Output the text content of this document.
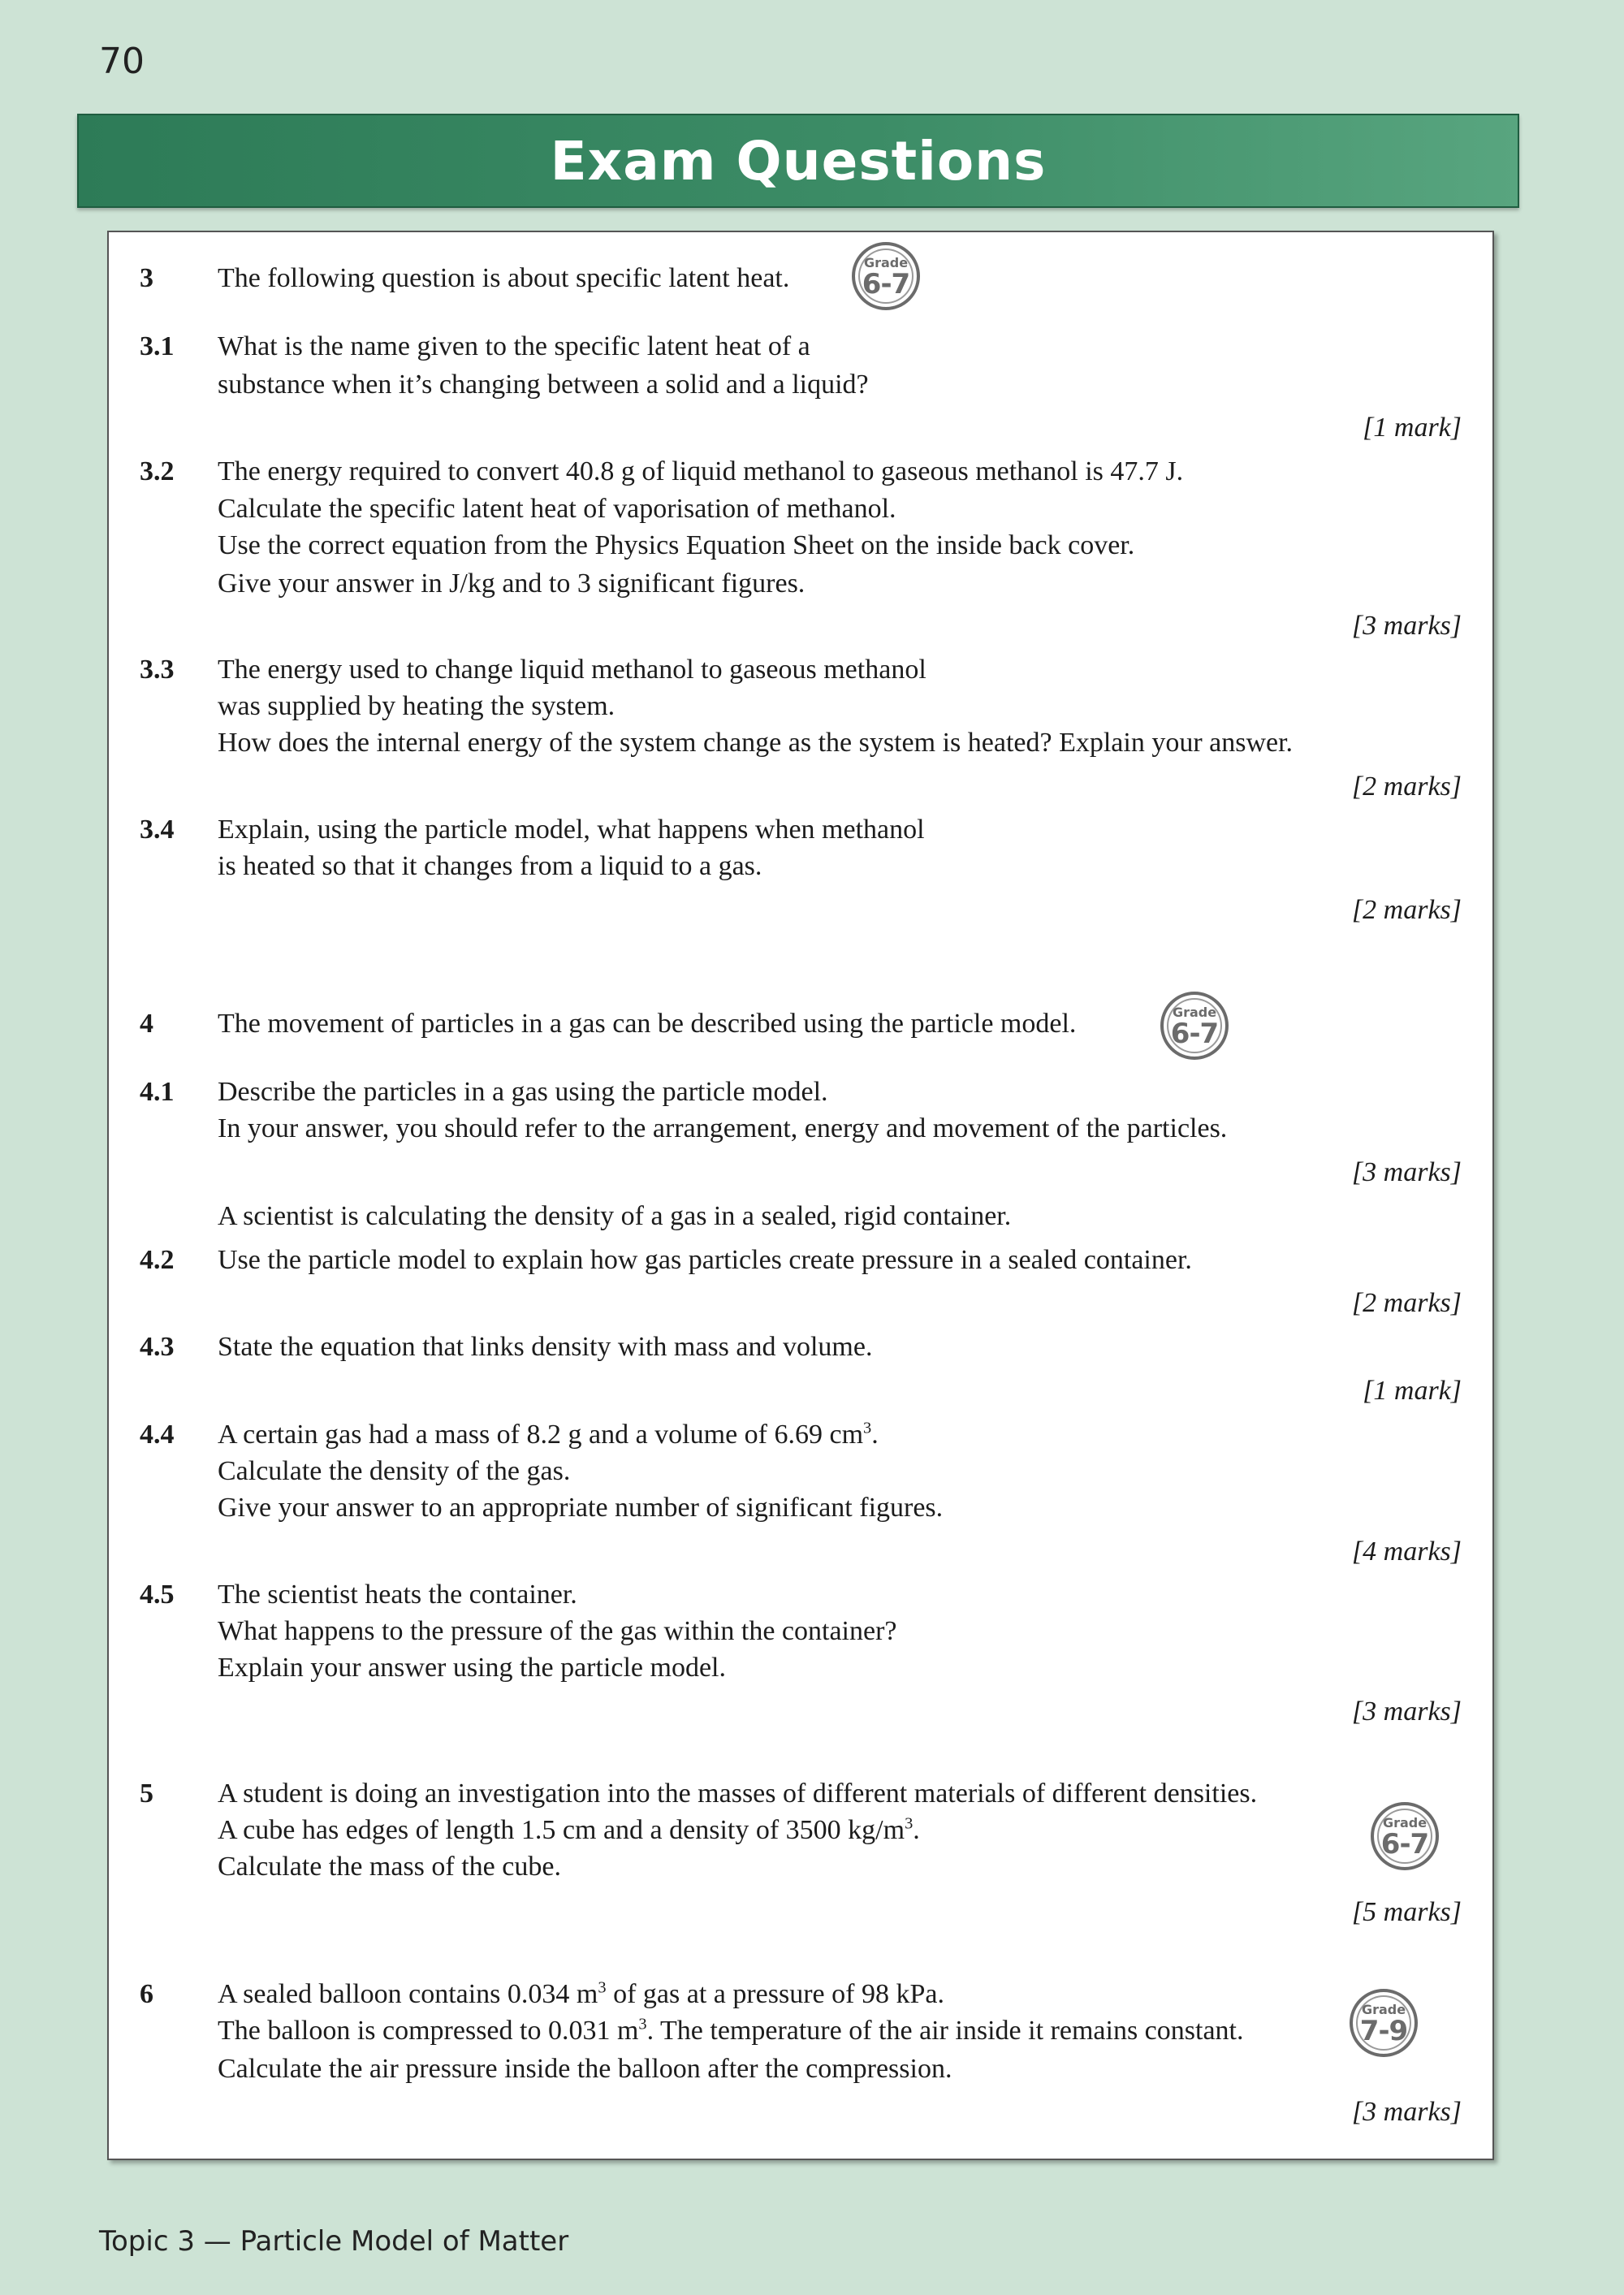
70
Exam Questions
3 The following question is about specific latent heat.
Grade
6-7
3.1 What is the name given to the specific latent heat of a
substance when it’s changing between a solid and a liquid?
[1 mark]
3.2 The energy required to convert 40.8 g of liquid methanol to gaseous methanol is 47.7 J.
Calculate the specific latent heat of vaporisation of methanol.
Use the correct equation from the Physics Equation Sheet on the inside back cover.
Give your answer in J/kg and to 3 significant figures.
[3 marks]
3.3 The energy used to change liquid methanol to gaseous methanol
was supplied by heating the system.
How does the internal energy of the system change as the system is heated? Explain your answer.
[2 marks]
3.4 Explain, using the particle model, what happens when methanol
is heated so that it changes from a liquid to a gas.
[2 marks]
4 The movement of particles in a gas can be described using the particle model.	Grade
6-7
4.1 Describe the particles in a gas using the particle model.
In your answer, you should refer to the arrangement, energy and movement of the particles.
[3 marks]
A scientist is calculating the density of a gas in a sealed, rigid container.
4.2 Use the particle model to explain how gas particles create pressure in a sealed container.
[2 marks]
4.3 State the equation that links density with mass and volume.
[1 mark]
4.4 A certain gas had a mass of 8.2 g and a volume of 6.69 $cm^3$.
Calculate the density of the gas.
Give your answer to an appropriate number of significant figures.
[4 marks]
4.5 The scientist heats the container.
What happens to the pressure of the gas within the container?
Explain your answer using the particle model.
[3 marks]
5 A student is doing an investigation into the masses of different materials of different densities.
A cube has edges of length 1.5 cm and a density of 3500 $kg/m^3$.
Calculate the mass of the cube.
Grade
6-7
[5 marks]
6 A sealed balloon contains 0.034 $m^3$ of gas at a pressure of 98 kPa.
The balloon is compressed to 0.031 $m^3$. The temperature of the air inside it remains constant.
Calculate the air pressure inside the balloon after the compression.
Grade
7-9
[3 marks]
Topic 3 — Particle Model of Matter
